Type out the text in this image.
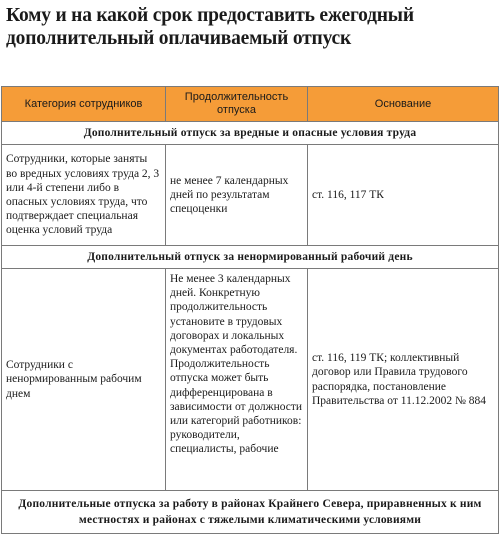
Кому и на какой срок предоставить ежегодный дополнительный оплачиваемый отпуск
Категория сотрудников	Продолжительность отпуска	Основание
Дополнительный отпуск за вредные и опасные условия труда		
Сотрудники, которые заняты во вредных условиях труда 2, 3 или 4-й степени либо в опасных условиях труда, что подтверждает специальная оценка условий труда	не менее 7 календарных дней по результатам спецоценки	ст. 116, 117 ТК
Дополнительный отпуск за ненормированный рабочий день		
Сотрудники с ненормированным рабочим днем	Не менее 3 календарных дней. Конкретную продолжительность установите в трудовых договорах и локальных документах работодателя. Продолжительность отпуска может быть дифференцирована в зависимости от должности или категорий работников: руководители, специалисты, рабочие	ст. 116, 119 ТК; коллективный договор или Правила трудового распорядка, постановление Правительства от 11.12.2002 № 884
Дополнительные отпуска за работу в районах Крайнего Севера, приравненных к ним местностях и районах с тяжелыми климатическими условиями		
